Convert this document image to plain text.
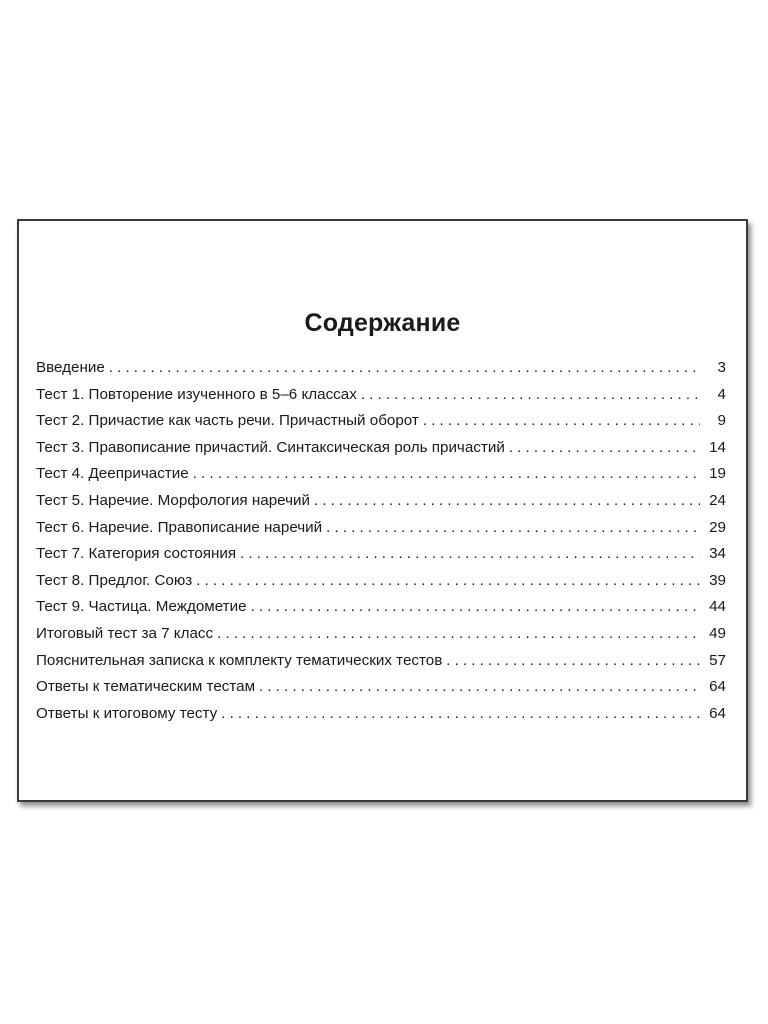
Содержание
Введение . . .	3
Тест 1. Повторение изученного в 5–6 классах . . .	4
Тест 2. Причастие как часть речи. Причастный оборот . . .	9
Тест 3. Правописание причастий. Синтаксическая роль причастий . . .	14
Тест 4. Деепричастие . . .	19
Тест 5. Наречие. Морфология наречий . . .	24
Тест 6. Наречие. Правописание наречий . . .	29
Тест 7. Категория состояния . . .	34
Тест 8. Предлог. Союз . . .	39
Тест 9. Частица. Междометие . . .	44
Итоговый тест за 7 класс . . .	49
Пояснительная записка к комплекту тематических тестов . . .	57
Ответы к тематическим тестам . . .	64
Ответы к итоговому тесту . . .	64
